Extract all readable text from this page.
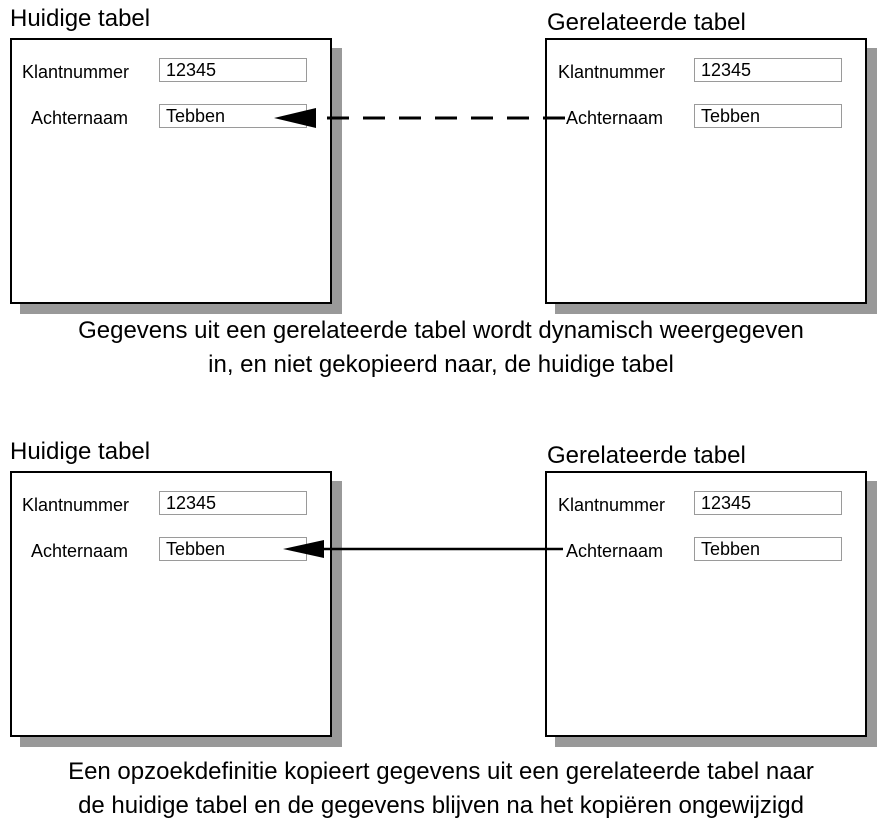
Huidige tabel	Gerelateerde tabel
Klantnummer	12345
Achternaam	Tebben
Klantnummer	12345
Achternaam	Tebben
Gegevens uit een gerelateerde tabel wordt dynamisch weergegeven
in, en niet gekopieerd naar, de huidige tabel
Huidige tabel	Gerelateerde tabel
Klantnummer	12345
Achternaam	Tebben
Klantnummer	12345
Achternaam	Tebben
Een opzoekdefinitie kopieert gegevens uit een gerelateerde tabel naar
de huidige tabel en de gegevens blijven na het kopiëren ongewijzigd
